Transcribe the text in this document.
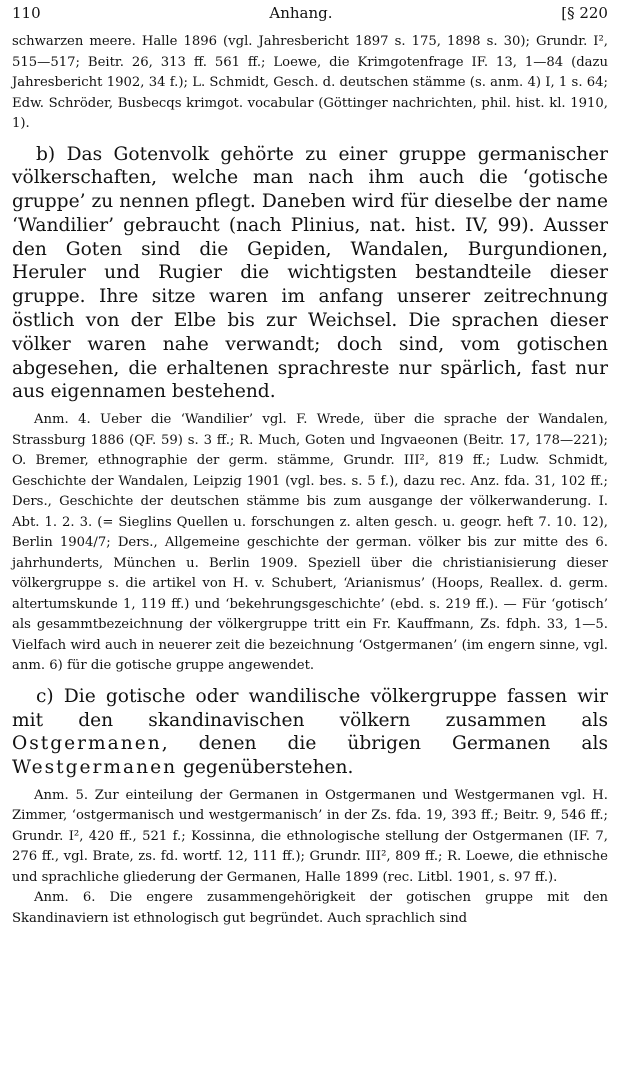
110	Anhang.	[§ 220

schwarzen meere. Halle 1896 (vgl. Jahresbericht 1897 s. 175, 1898 s. 30); Grundr. I², 515—517; Beitr. 26, 313 ff. 561 ff.; Loewe, die Krimgotenfrage IF. 13, 1—84 (dazu Jahresbericht 1902, 34 f.); L. Schmidt, Gesch. d. deutschen stämme (s. anm. 4) I, 1 s. 64; Edw. Schröder, Busbecqs krimgot. vocabular (Göttinger nachrichten, phil. hist. kl. 1910, 1).

b) Das Gotenvolk gehörte zu einer gruppe germanischer völkerschaften, welche man nach ihm auch die ‘gotische gruppe’ zu nennen pflegt. Daneben wird für dieselbe der name ‘Wandilier’ gebraucht (nach Plinius, nat. hist. IV, 99). Ausser den Goten sind die Gepiden, Wandalen, Burgundionen, Heruler und Rugier die wichtigsten bestandteile dieser gruppe. Ihre sitze waren im anfang unserer zeitrechnung östlich von der Elbe bis zur Weichsel. Die sprachen dieser völker waren nahe verwandt; doch sind, vom gotischen abgesehen, die erhaltenen sprachreste nur spärlich, fast nur aus eigennamen bestehend.

Anm. 4. Ueber die ‘Wandilier’ vgl. F. Wrede, über die sprache der Wandalen, Strassburg 1886 (QF. 59) s. 3 ff.; R. Much, Goten und Ingvaeonen (Beitr. 17, 178—221); O. Bremer, ethnographie der germ. stämme, Grundr. III², 819 ff.; Ludw. Schmidt, Geschichte der Wandalen, Leipzig 1901 (vgl. bes. s. 5 f.), dazu rec. Anz. fda. 31, 102 ff.; Ders., Geschichte der deutschen stämme bis zum ausgange der völkerwanderung. I. Abt. 1. 2. 3. (= Sieglins Quellen u. forschungen z. alten gesch. u. geogr. heft 7. 10. 12), Berlin 1904/7; Ders., Allgemeine geschichte der german. völker bis zur mitte des 6. jahrhunderts, München u. Berlin 1909. Speziell über die christianisierung dieser völkergruppe s. die artikel von H. v. Schubert, ‘Arianismus’ (Hoops, Reallex. d. germ. altertumskunde 1, 119 ff.) und ‘bekehrungsgeschichte’ (ebd. s. 219 ff.). — Für ‘gotisch’ als gesammtbezeichnung der völkergruppe tritt ein Fr. Kauffmann, Zs. fdph. 33, 1—5. Vielfach wird auch in neuerer zeit die bezeichnung ‘Ostgermanen’ (im engern sinne, vgl. anm. 6) für die gotische gruppe angewendet.

c) Die gotische oder wandilische völkergruppe fassen wir mit den skandinavischen völkern zusammen als Ostgermanen, denen die übrigen Germanen als Westgermanen gegenüberstehen.

Anm. 5. Zur einteilung der Germanen in Ostgermanen und Westgermanen vgl. H. Zimmer, ‘ostgermanisch und westgermanisch’ in der Zs. fda. 19, 393 ff.; Beitr. 9, 546 ff.; Grundr. I², 420 ff., 521 f.; Kossinna, die ethnologische stellung der Ostgermanen (IF. 7, 276 ff., vgl. Brate, zs. fd. wortf. 12, 111 ff.); Grundr. III², 809 ff.; R. Loewe, die ethnische und sprachliche gliederung der Germanen, Halle 1899 (rec. Litbl. 1901, s. 97 ff.).

Anm. 6. Die engere zusammengehörigkeit der gotischen gruppe mit den Skandinaviern ist ethnologisch gut begründet. Auch sprachlich sind
